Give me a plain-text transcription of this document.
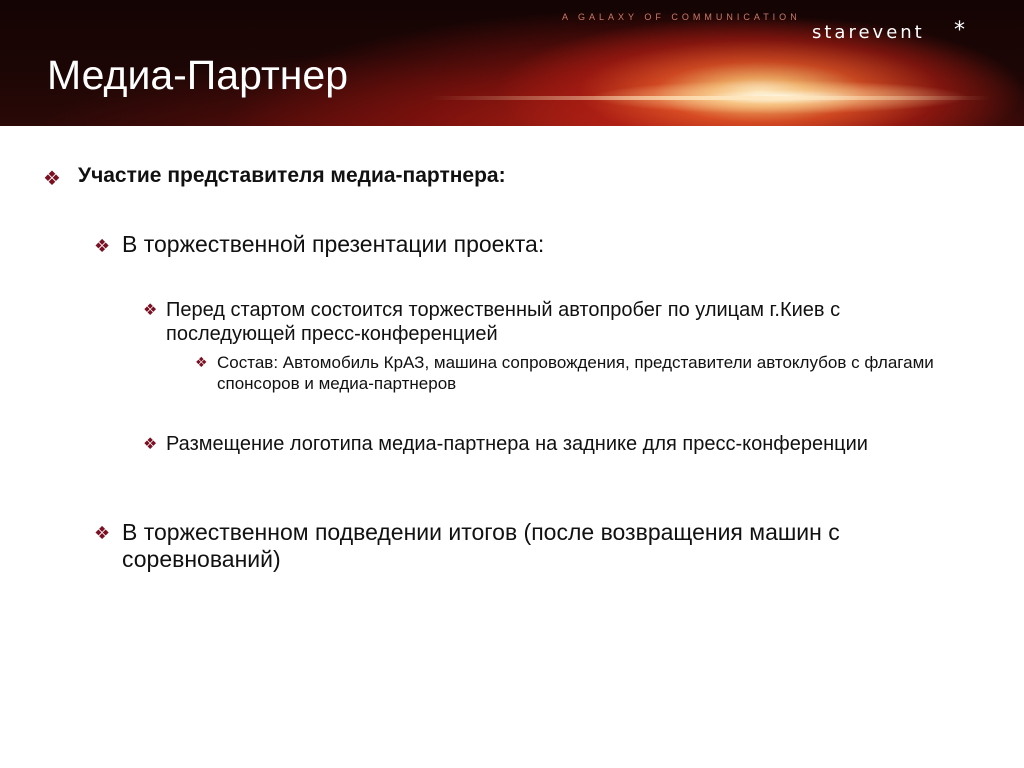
A GALAXY OF COMMUNICATION
starevent *
Медиа-Партнер
❖ Участие представителя медиа-партнера:
❖ В торжественной презентации проекта:
❖ Перед стартом состоится торжественный автопробег по улицам г.Киев с последующей пресс-конференцией
❖ Состав: Автомобиль КрАЗ, машина сопровождения, представители автоклубов с флагами спонсоров и медиа-партнеров
❖ Размещение логотипа медиа-партнера на заднике для пресс-конференции
❖ В торжественном подведении итогов (после возвращения машин с соревнований)
